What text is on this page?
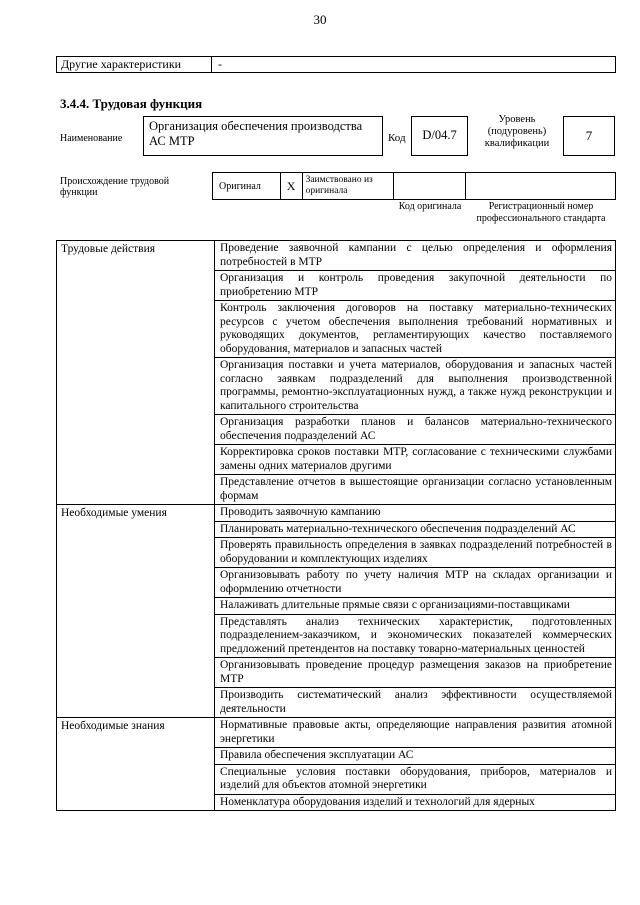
30
Другие характеристики	-
3.4.4. Трудовая функция
Наименование
Организация обеспечения производства АС МТР	Код	D/04.7
Уровень (подуровень) квалификации
7
Происхождение трудовой функции
Оригинал	X	Заимствовано из оригинала
Код оригинала	Регистрационный номер профессионального стандарта
Трудовые действия	Проведение заявочной кампании с целью определения и оформления потребностей в МТР
	Организация и контроль проведения закупочной деятельности по приобретению МТР
	Контроль заключения договоров на поставку материально-технических ресурсов с учетом обеспечения выполнения требований нормативных и руководящих документов, регламентирующих качество поставляемого оборудования, материалов и запасных частей
	Организация поставки и учета материалов, оборудования и запасных частей согласно заявкам подразделений для выполнения производственной программы, ремонтно-эксплуатационных нужд, а также нужд реконструкции и капитального строительства
	Организация разработки планов и балансов материально-технического обеспечения подразделений АС
	Корректировка сроков поставки МТР, согласование с техническими службами замены одних материалов другими
	Представление отчетов в вышестоящие организации согласно установленным формам
Необходимые умения	Проводить заявочную кампанию
	Планировать материально-технического обеспечения подразделений АС
	Проверять правильность определения в заявках подразделений потребностей в оборудовании и комплектующих изделиях
	Организовывать работу по учету наличия МТР на складах организации и оформлению отчетности
	Налаживать длительные прямые связи с организациями-поставщиками
	Представлять анализ технических характеристик, подготовленных подразделением-заказчиком, и экономических показателей коммерческих предложений претендентов на поставку товарно-материальных ценностей
	Организовывать проведение процедур размещения заказов на приобретение МТР
	Производить систематический анализ эффективности осуществляемой деятельности
Необходимые знания	Нормативные правовые акты, определяющие направления развития атомной энергетики
	Правила обеспечения эксплуатации АС
	Специальные условия поставки оборудования, приборов, материалов и изделий для объектов атомной энергетики
	Номенклатура оборудования изделий и технологий для ядерных
